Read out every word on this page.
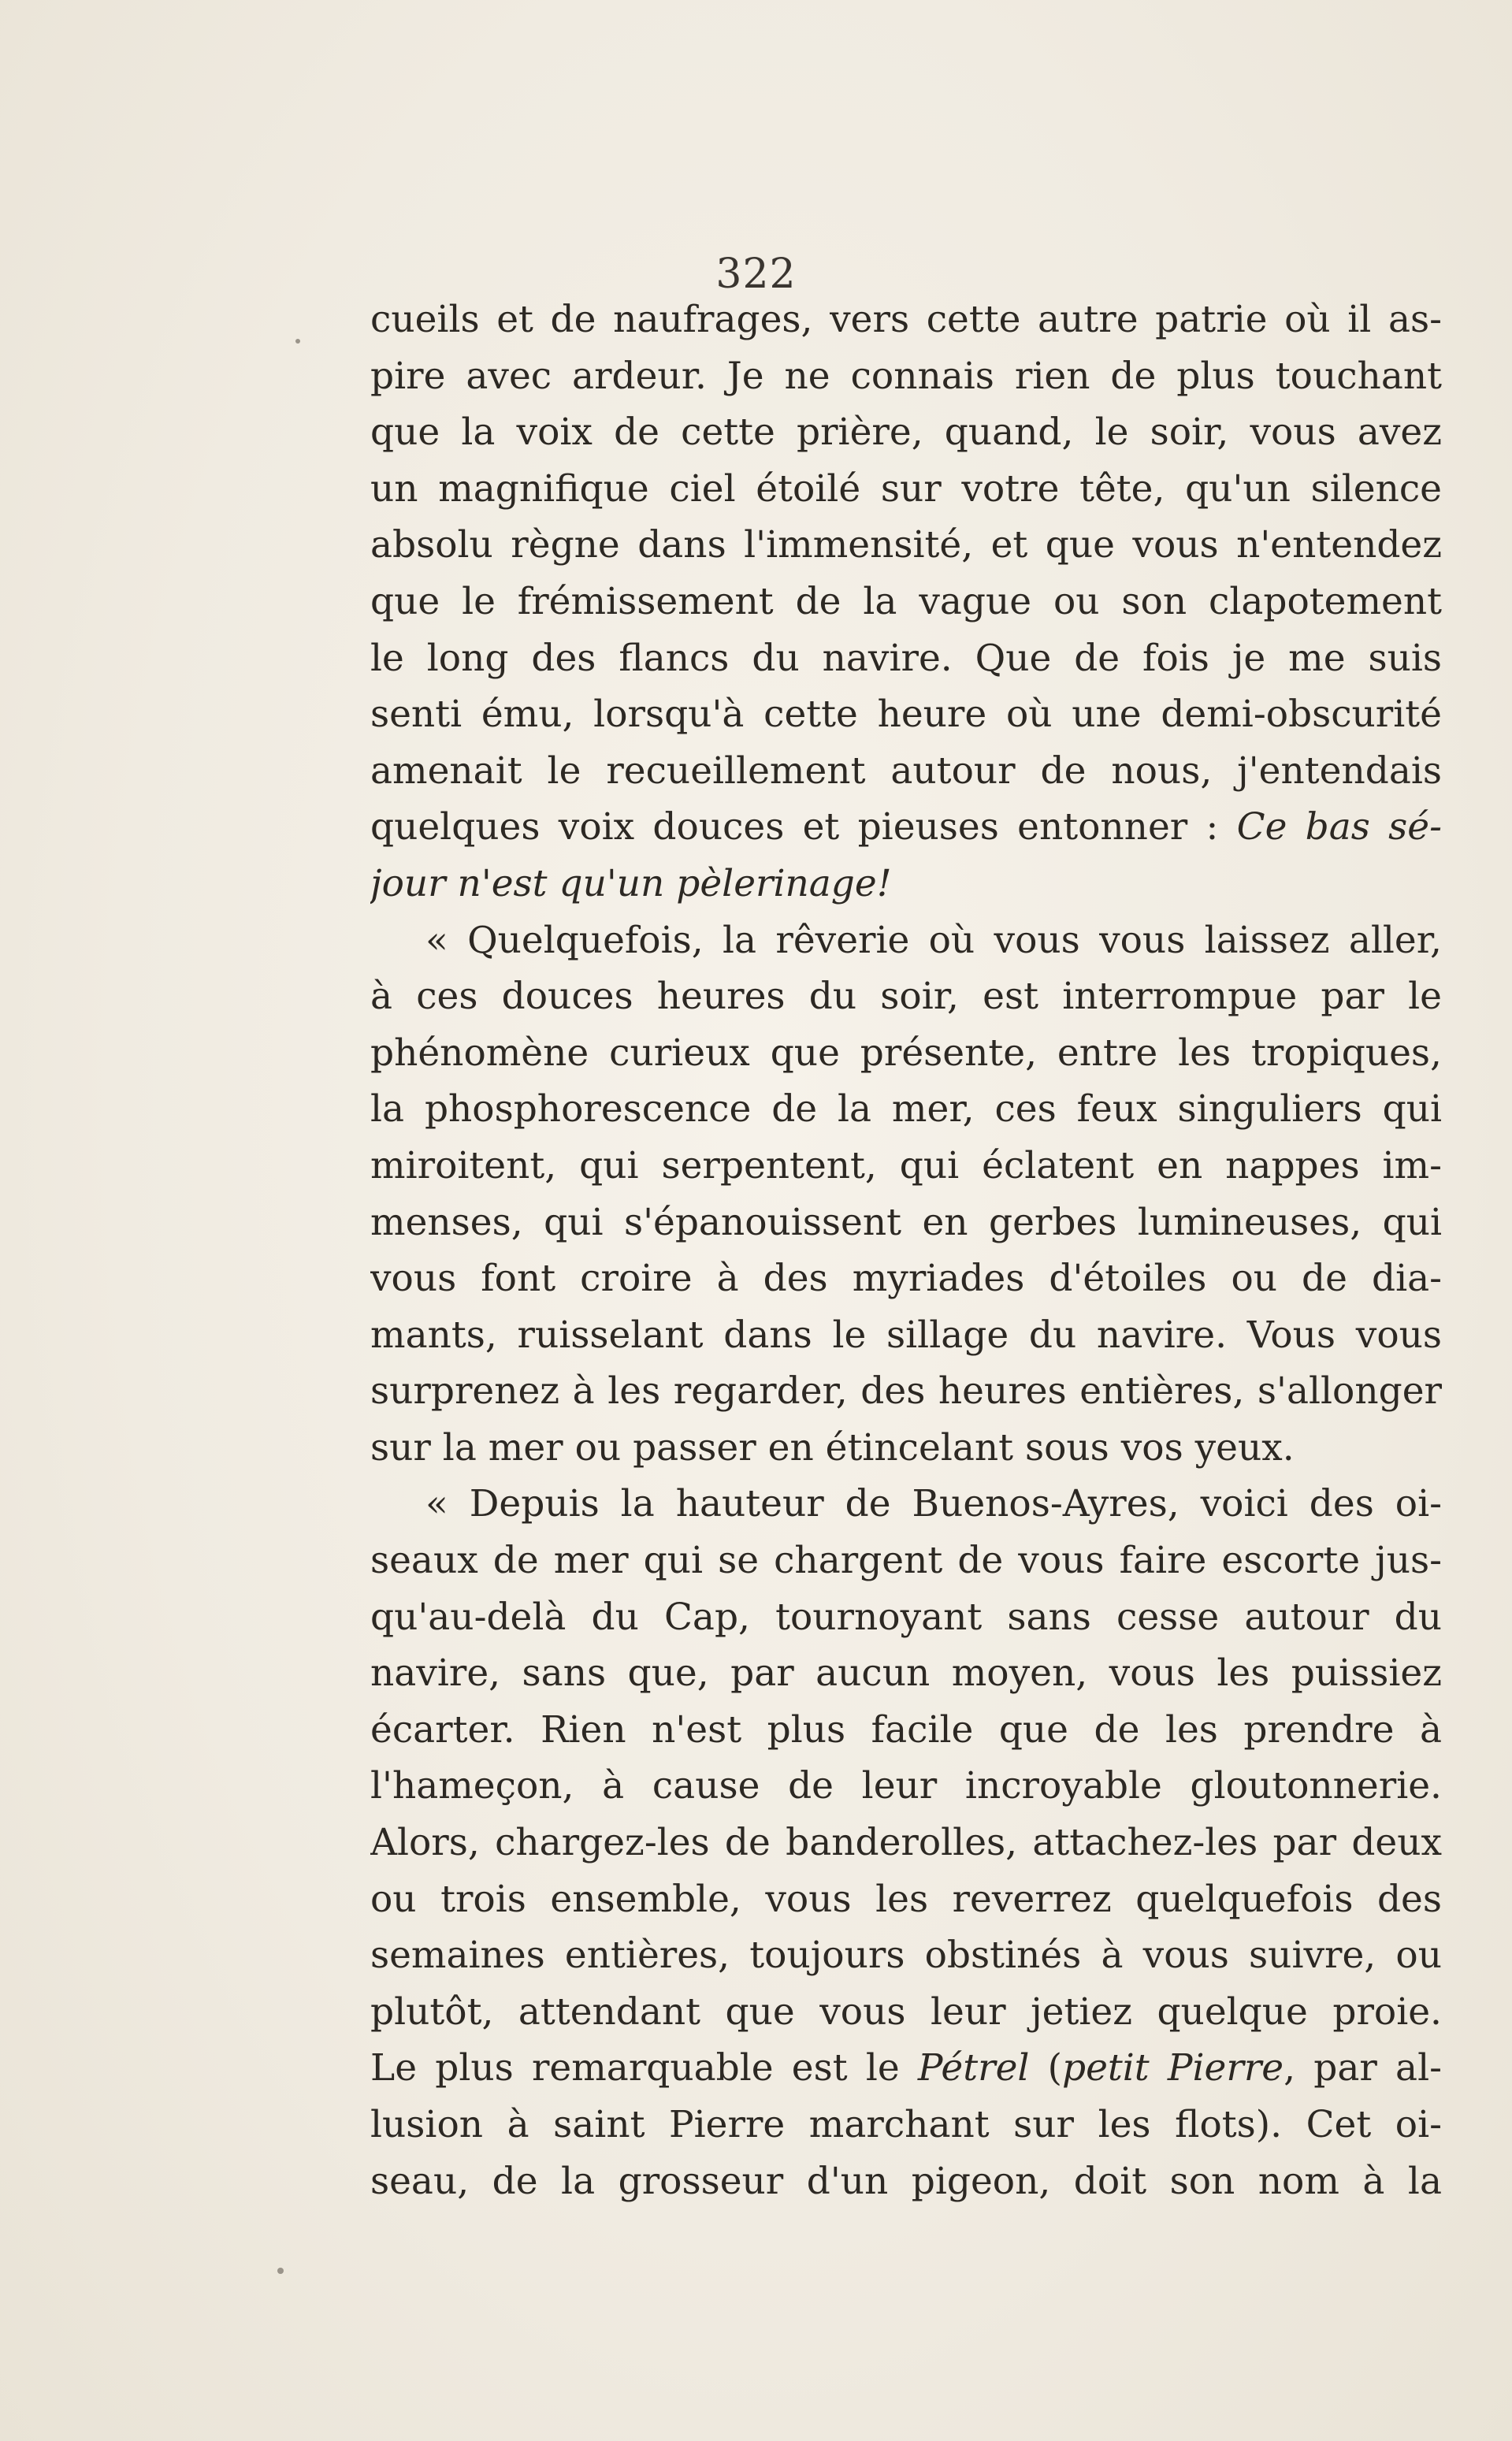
322
cueils et de naufrages, vers cette autre patrie où il as-
pire avec ardeur. Je ne connais rien de plus touchant
que la voix de cette prière, quand, le soir, vous avez
un magnifique ciel étoilé sur votre tête, qu'un silence
absolu règne dans l'immensité, et que vous n'entendez
que le frémissement de la vague ou son clapotement
le long des flancs du navire. Que de fois je me suis
senti ému, lorsqu'à cette heure où une demi-obscurité
amenait le recueillement autour de nous, j'entendais
quelques voix douces et pieuses entonner : Ce bas sé-
jour n'est qu'un pèlerinage!
« Quelquefois, la rêverie où vous vous laissez aller,
à ces douces heures du soir, est interrompue par le
phénomène curieux que présente, entre les tropiques,
la phosphorescence de la mer, ces feux singuliers qui
miroitent, qui serpentent, qui éclatent en nappes im-
menses, qui s'épanouissent en gerbes lumineuses, qui
vous font croire à des myriades d'étoiles ou de dia-
mants, ruisselant dans le sillage du navire. Vous vous
surprenez à les regarder, des heures entières, s'allonger
sur la mer ou passer en étincelant sous vos yeux.
« Depuis la hauteur de Buenos-Ayres, voici des oi-
seaux de mer qui se chargent de vous faire escorte jus-
qu'au-delà du Cap, tournoyant sans cesse autour du
navire, sans que, par aucun moyen, vous les puissiez
écarter. Rien n'est plus facile que de les prendre à
l'hameçon, à cause de leur incroyable gloutonnerie.
Alors, chargez-les de banderolles, attachez-les par deux
ou trois ensemble, vous les reverrez quelquefois des
semaines entières, toujours obstinés à vous suivre, ou
plutôt, attendant que vous leur jetiez quelque proie.
Le plus remarquable est le Pétrel (petit Pierre, par al-
lusion à saint Pierre marchant sur les flots). Cet oi-
seau, de la grosseur d'un pigeon, doit son nom à la
